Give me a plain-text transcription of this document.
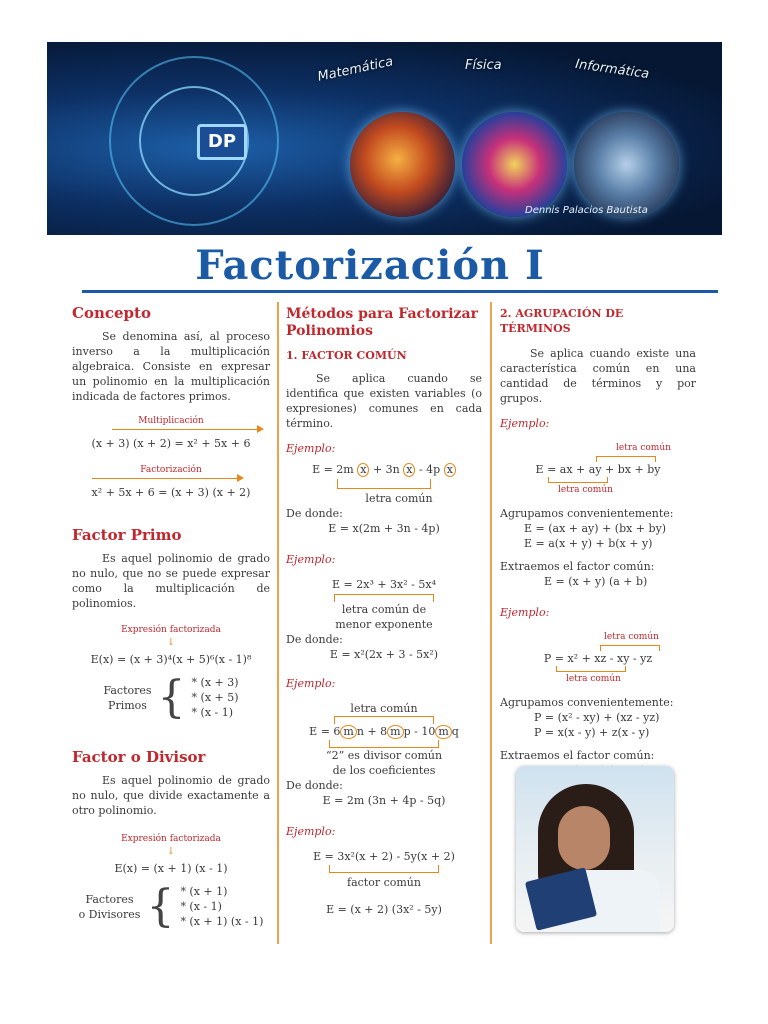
DP
Matemática	Física	Informática
Dennis Palacios Bautista
Factorización I
Concepto
Se denomina así, al proceso inverso a la multiplicación algebraica. Consiste en expresar un polinomio en la multiplicación indicada de factores primos.
Multiplicación
(x + 3) (x + 2) = x² + 5x + 6
Factorización
x² + 5x + 6 = (x + 3) (x + 2)
Factor Primo
Es aquel polinomio de grado no nulo, que no se puede expresar como la multiplicación de polinomios.
Expresión factorizada
↓
E(x) = (x + 3)⁴(x + 5)⁶(x - 1)⁸
Factores
Primos { * (x + 3)
* (x + 5)
* (x - 1)
Factor o Divisor
Es aquel polinomio de grado no nulo, que divide exactamente a otro polinomio.
Expresión factorizada
↓
E(x) = (x + 1) (x - 1)
Factores
o Divisores { * (x + 1)
* (x - 1)
* (x + 1) (x - 1)
Métodos para Factorizar Polinomios
1. FACTOR COMÚN
Se aplica cuando se identifica que existen variables (o expresiones) comunes en cada término.
Ejemplo:
E = 2m x + 3n x - 4p x
letra común
De donde:
E = x(2m + 3n - 4p)
Ejemplo:
E = 2x³ + 3x² - 5x⁴
letra común de
menor exponente
De donde:
E = x²(2x + 3 - 5x²)
Ejemplo:
letra común
E = 6 m n + 8 m p - 10 m q
“2” es divisor común
de los coeficientes
De donde:
E = 2m (3n + 4p - 5q)
Ejemplo:
E = 3x²(x + 2) - 5y(x + 2)
factor común
E = (x + 2) (3x² - 5y)
2. AGRUPACIÓN DE TÉRMINOS
Se aplica cuando existe una característica común en una cantidad de términos y por grupos.
Ejemplo:
letra común
E = ax + ay + bx + by
letra común
Agrupamos convenientemente:
E = (ax + ay) + (bx + by)
E = a(x + y) + b(x + y)
Extraemos el factor común:
E = (x + y) (a + b)
Ejemplo:
letra común
P = x² + xz - xy - yz
letra común
Agrupamos convenientemente:
P = (x² - xy) + (xz - yz)
P = x(x - y) + z(x - y)
Extraemos el factor común:
